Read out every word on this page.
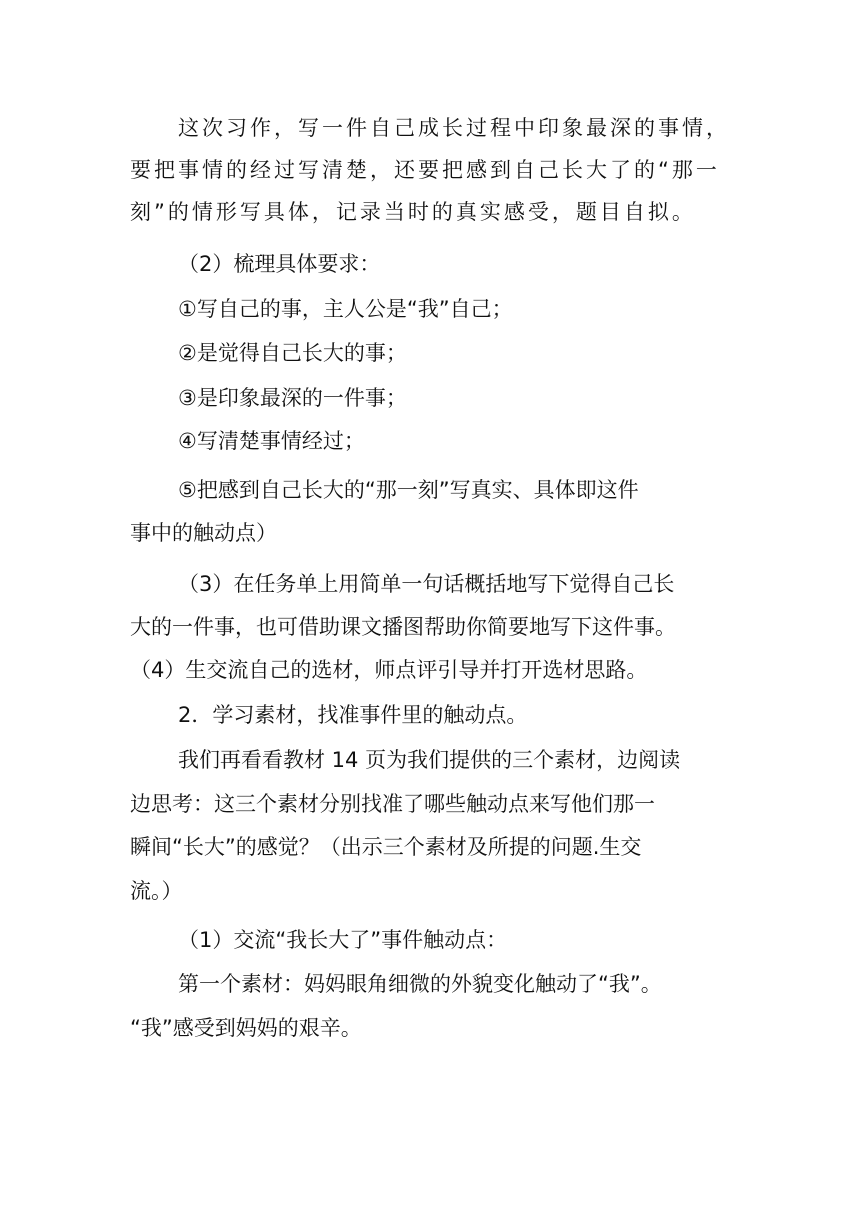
这次习作，写一件自己成长过程中印象最深的事情，
要把事情的经过写清楚，还要把感到自己长大了的“那一
刻”的情形写具体，记录当时的真实感受，题目自拟。
（2）梳理具体要求：
①写自己的事，主人公是“我”自己；
②是觉得自己长大的事；
③是印象最深的一件事；
④写清楚事情经过；
⑤把感到自己长大的“那一刻”写真实、具体即这件
事中的触动点）
（3）在任务单上用简单一句话概括地写下觉得自己长
大的一件事，也可借助课文播图帮助你简要地写下这件事。
（4）生交流自己的选材，师点评引导并打开选材思路。
2．学习素材，找准事件里的触动点。
我们再看看教材 14 页为我们提供的三个素材，边阅读
边思考：这三个素材分别找准了哪些触动点来写他们那一
瞬间“长大”的感觉？（出示三个素材及所提的问题.生交
流。）
（1）交流“我长大了”事件触动点：
第一个素材：妈妈眼角细微的外貌变化触动了“我”。
“我”感受到妈妈的艰辛。
